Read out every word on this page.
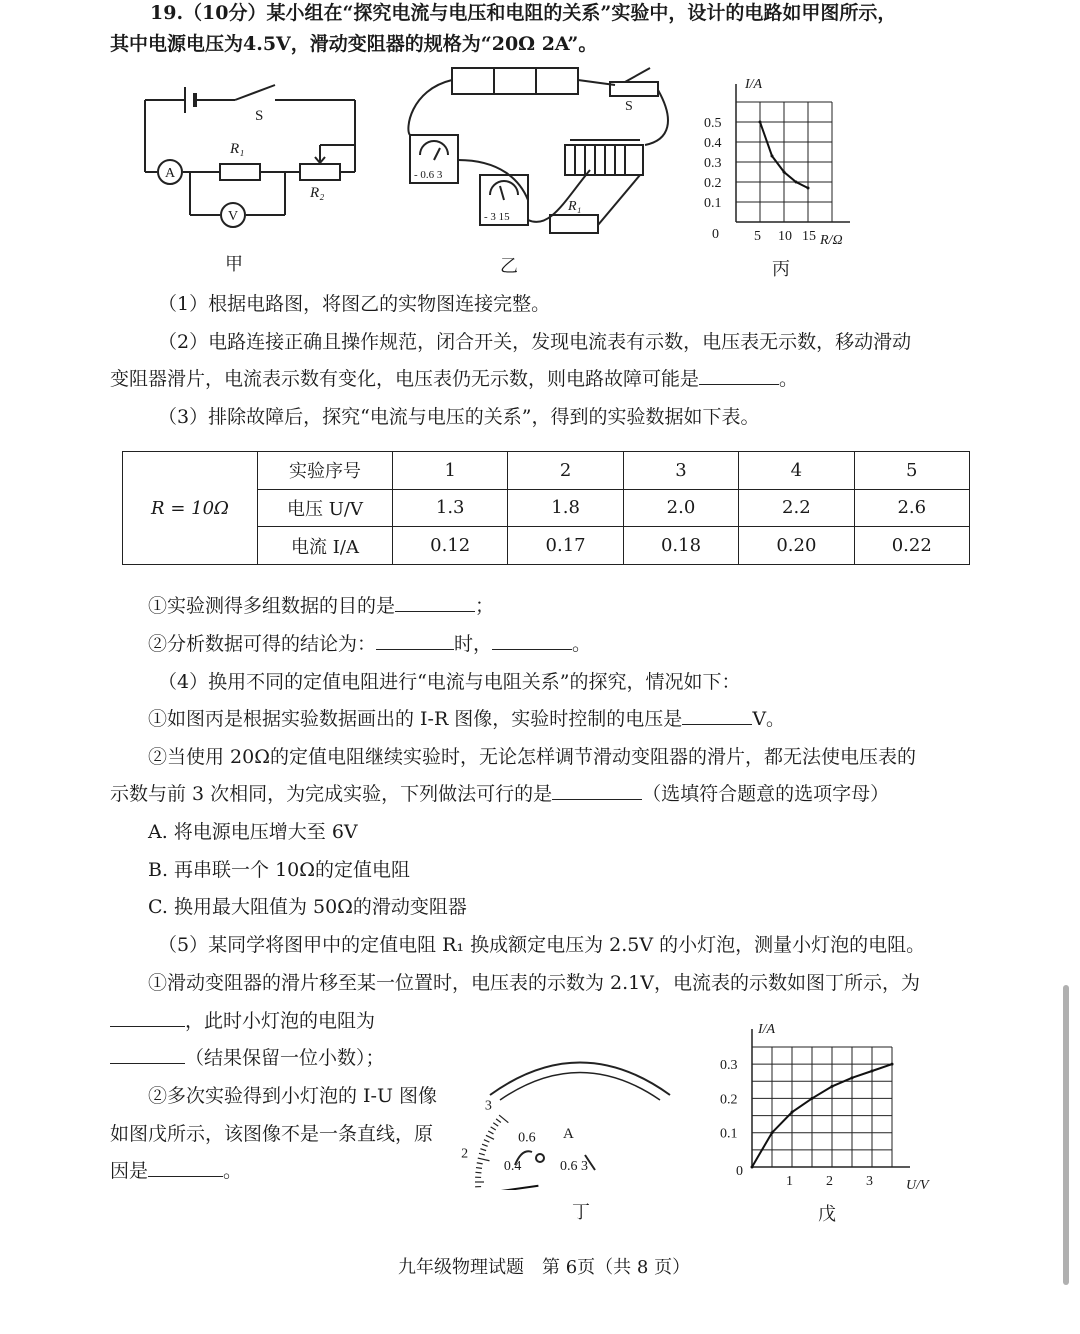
19.（10分）某小组在“探究电流与电压和电阻的关系”实验中，设计的电路如甲图所示，
其中电源电压为4.5V，滑动变阻器的规格为“20Ω 2A”。
S
R₁
R₂
A
V
甲
S
R₁
- 0.6 3
- 3 15
乙
I/A
R/Ω
0
0.5
0.4
0.3
0.2
0.1
5 10 15
丙
（1）根据电路图，将图乙的实物图连接完整。
（2）电路连接正确且操作规范，闭合开关，发现电流表有示数，电压表无示数，移动滑动
变阻器滑片，电流表示数有变化，电压表仍无示数，则电路故障可能是	。
（3）排除故障后，探究“电流与电压的关系”，得到的实验数据如下表。
R = 10Ω	实验序号	1	2	3	4	5
	电压 U/V	1.3	1.8	2.0	2.2	2.6
	电流 I/A	0.12	0.17	0.18	0.20	0.22
①实验测得多组数据的目的是	；
②分析数据可得的结论为：	时，	。
（4）换用不同的定值电阻进行“电流与电阻关系”的探究，情况如下：
①如图丙是根据实验数据画出的 I-R 图像，实验时控制的电压是	V。
②当使用 20Ω的定值电阻继续实验时，无论怎样调节滑动变阻器的滑片，都无法使电压表的
示数与前 3 次相同，为完成实验，下列做法可行的是	（选填符合题意的选项字母）
A. 将电源电压增大至 6V
B. 再串联一个 10Ω的定值电阻
C. 换用最大阻值为 50Ω的滑动变阻器
（5）某同学将图甲中的定值电阻 R₁ 换成额定电压为 2.5V 的小灯泡，测量小灯泡的电阻。
①滑动变阻器的滑片移至某一位置时，电压表的示数为 2.1V，电流表的示数如图丁所示，为
，此时小灯泡的电阻为
（结果保留一位小数）；
②多次实验得到小灯泡的 I-U 图像
如图戊所示，该图像不是一条直线，原
因是	。
A
0.6 3
2
3
0.4
0.6
丁
I/A
U/V
0
0.3
0.2
0.1
1 2 3
戊
九年级物理试题　第 6页（共 8 页）
